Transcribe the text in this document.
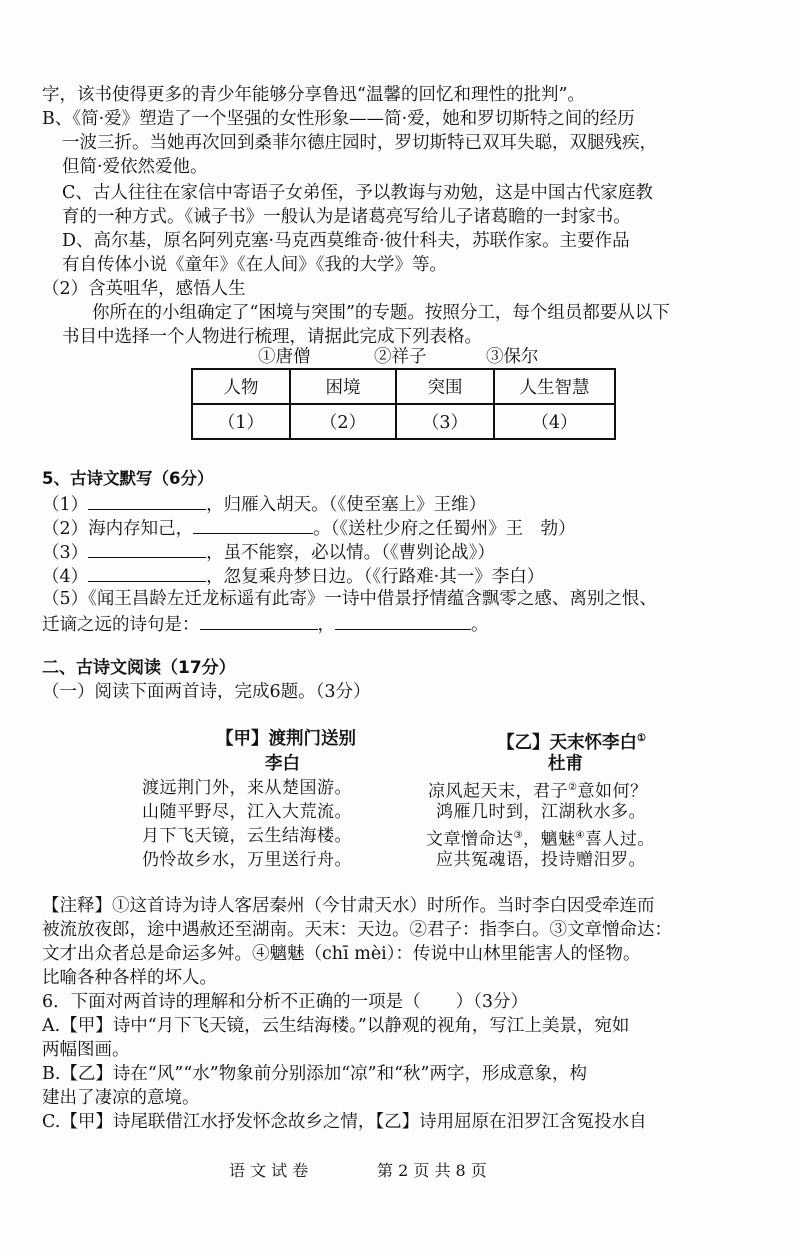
字，该书使得更多的青少年能够分享鲁迅“温馨的回忆和理性的批判”。
B、《简·爱》塑造了一个坚强的女性形象——简·爱，她和罗切斯特之间的经历
一波三折。当她再次回到桑菲尔德庄园时，罗切斯特已双耳失聪，双腿残疾，
但简·爱依然爱他。
C、古人往往在家信中寄语子女弟侄，予以教诲与劝勉，这是中国古代家庭教
育的一种方式。《诫子书》一般认为是诸葛亮写给儿子诸葛瞻的一封家书。
D、高尔基，原名阿列克塞·马克西莫维奇·彼什科夫，苏联作家。主要作品
有自传体小说《童年》《在人间》《我的大学》等。
（2）含英咀华，感悟人生
你所在的小组确定了“困境与突围”的专题。按照分工，每个组员都要从以下
书目中选择一个人物进行梳理，请据此完成下列表格。
①唐僧	②祥子	③保尔
人物	困境	突围	人生智慧
（1）	（2）	（3）	（4）
5、古诗文默写（6分）
（1）	，归雁入胡天。（《使至塞上》王维）
（2）海内存知己，	。（《送杜少府之任蜀州》王　勃）
（3）	，虽不能察，必以情。（《曹刿论战》）
（4）	，忽复乘舟梦日边。（《行路难·其一》李白）
（5）《闻王昌龄左迁龙标遥有此寄》一诗中借景抒情蕴含飘零之感、离别之恨、
迁谪之远的诗句是：	，	。
二、古诗文阅读（17分）
（一）阅读下面两首诗，完成6题。（3分）
【甲】渡荆门送别
李白
渡远荆门外，来从楚国游。
山随平野尽，江入大荒流。
月下飞天镜，云生结海楼。
仍怜故乡水，万里送行舟。
【乙】天末怀李白①
杜甫
凉风起天末，君子②意如何？
鸿雁几时到，江湖秋水多。
文章憎命达③，魑魅④喜人过。
应共冤魂语，投诗赠汨罗。
【注释】①这首诗为诗人客居秦州（今甘肃天水）时所作。当时李白因受牵连而
被流放夜郎，途中遇赦还至湖南。天末：天边。②君子：指李白。③文章憎命达：
文才出众者总是命运多舛。④魑魅（chī mèi）：传说中山林里能害人的怪物。
比喻各种各样的坏人。
6．下面对两首诗的理解和分析不正确的一项是（　　）（3分）
A.【甲】诗中“月下飞天镜，云生结海楼。”以静观的视角，写江上美景，宛如
两幅图画。
B.【乙】诗在“风”“水”物象前分别添加“凉”和“秋”两字，形成意象，构
建出了凄凉的意境。
C.【甲】诗尾联借江水抒发怀念故乡之情，【乙】诗用屈原在汨罗江含冤投水自
语 文 试 卷	第 2 页 共 8 页
